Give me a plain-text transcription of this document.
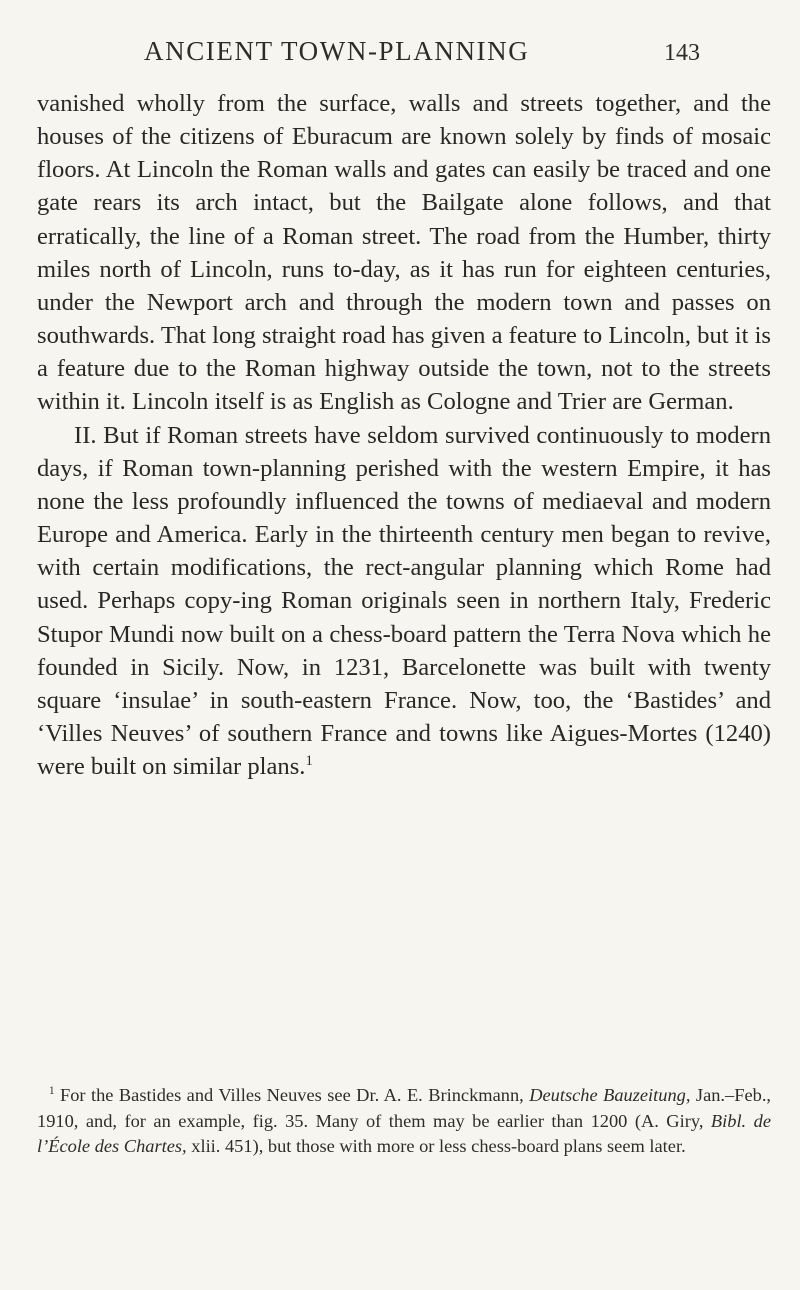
ANCIENT TOWN-PLANNING	143

vanished wholly from the surface, walls and streets together, and the houses of the citizens of Eburacum are known solely by finds of mosaic floors. At Lincoln the Roman walls and gates can easily be traced and one gate rears its arch intact, but the Bailgate alone follows, and that erratically, the line of a Roman street. The road from the Humber, thirty miles north of Lincoln, runs to-day, as it has run for eighteen centuries, under the Newport arch and through the modern town and passes on southwards. That long straight road has given a feature to Lincoln, but it is a feature due to the Roman highway outside the town, not to the streets within it. Lincoln itself is as English as Cologne and Trier are German.

II. But if Roman streets have seldom survived continuously to modern days, if Roman town-planning perished with the western Empire, it has none the less profoundly influenced the towns of mediaeval and modern Europe and America. Early in the thirteenth century men began to revive, with certain modifications, the rect-angular planning which Rome had used. Perhaps copy-ing Roman originals seen in northern Italy, Frederic Stupor Mundi now built on a chess-board pattern the Terra Nova which he founded in Sicily. Now, in 1231, Barcelonette was built with twenty square ‘insulae’ in south-eastern France. Now, too, the ‘Bastides’ and ‘Villes Neuves’ of southern France and towns like Aigues-Mortes (1240) were built on similar plans.$^1$

$^1$ For the Bastides and Villes Neuves see Dr. A. E. Brinckmann, Deutsche Bauzeitung, Jan.–Feb., 1910, and, for an example, fig. 35. Many of them may be earlier than 1200 (A. Giry, Bibl. de l’École des Chartes, xlii. 451), but those with more or less chess-board plans seem later.
